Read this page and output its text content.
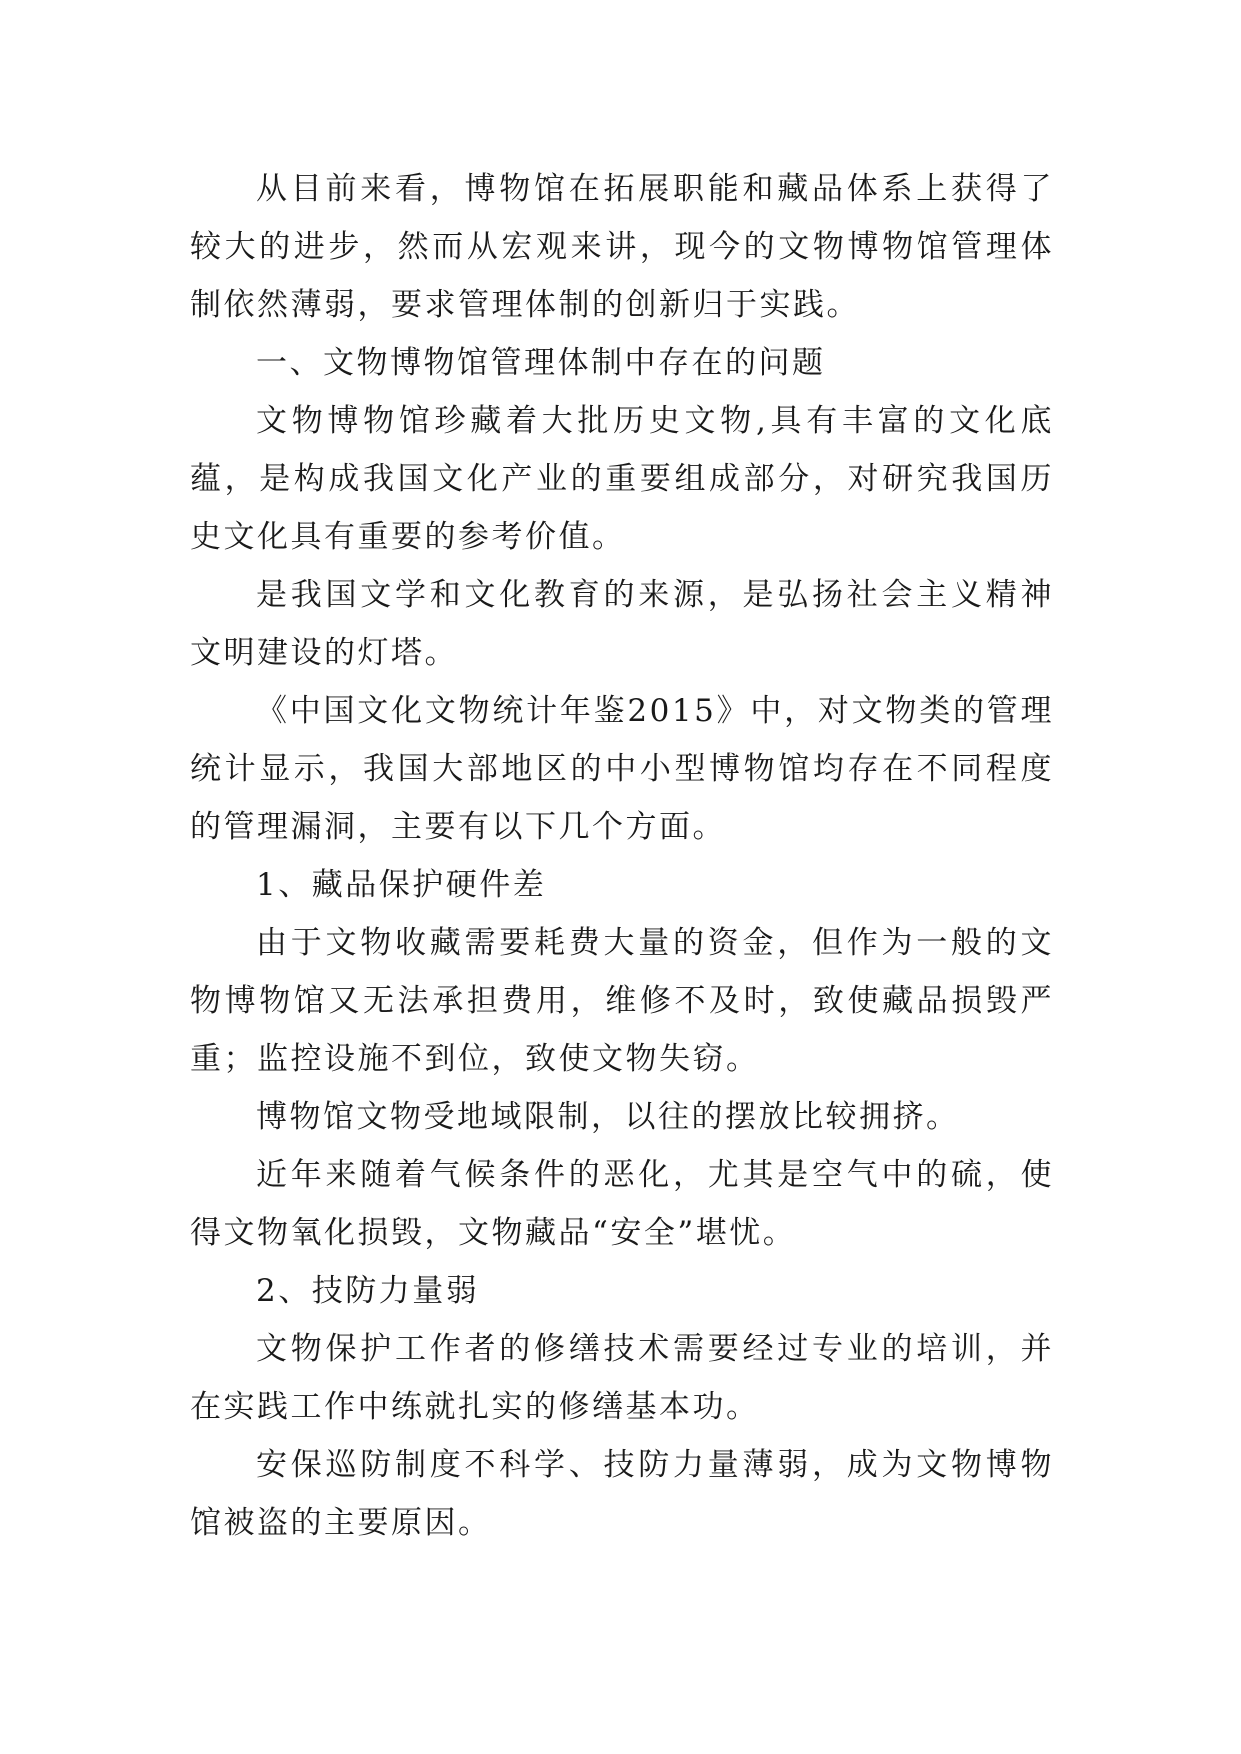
从目前来看，博物馆在拓展职能和藏品体系上获得了较大的进步，然而从宏观来讲，现今的文物博物馆管理体制依然薄弱，要求管理体制的创新归于实践。

一、文物博物馆管理体制中存在的问题

文物博物馆珍藏着大批历史文物,具有丰富的文化底蕴，是构成我国文化产业的重要组成部分，对研究我国历史文化具有重要的参考价值。

是我国文学和文化教育的来源，是弘扬社会主义精神文明建设的灯塔。

《中国文化文物统计年鉴2015》中，对文物类的管理统计显示，我国大部地区的中小型博物馆均存在不同程度的管理漏洞，主要有以下几个方面。

1、藏品保护硬件差

由于文物收藏需要耗费大量的资金，但作为一般的文物博物馆又无法承担费用，维修不及时，致使藏品损毁严重；监控设施不到位，致使文物失窃。

博物馆文物受地域限制，以往的摆放比较拥挤。

近年来随着气候条件的恶化，尤其是空气中的硫，使得文物氧化损毁，文物藏品“安全”堪忧。

2、技防力量弱

文物保护工作者的修缮技术需要经过专业的培训，并在实践工作中练就扎实的修缮基本功。

安保巡防制度不科学、技防力量薄弱，成为文物博物馆被盗的主要原因。
